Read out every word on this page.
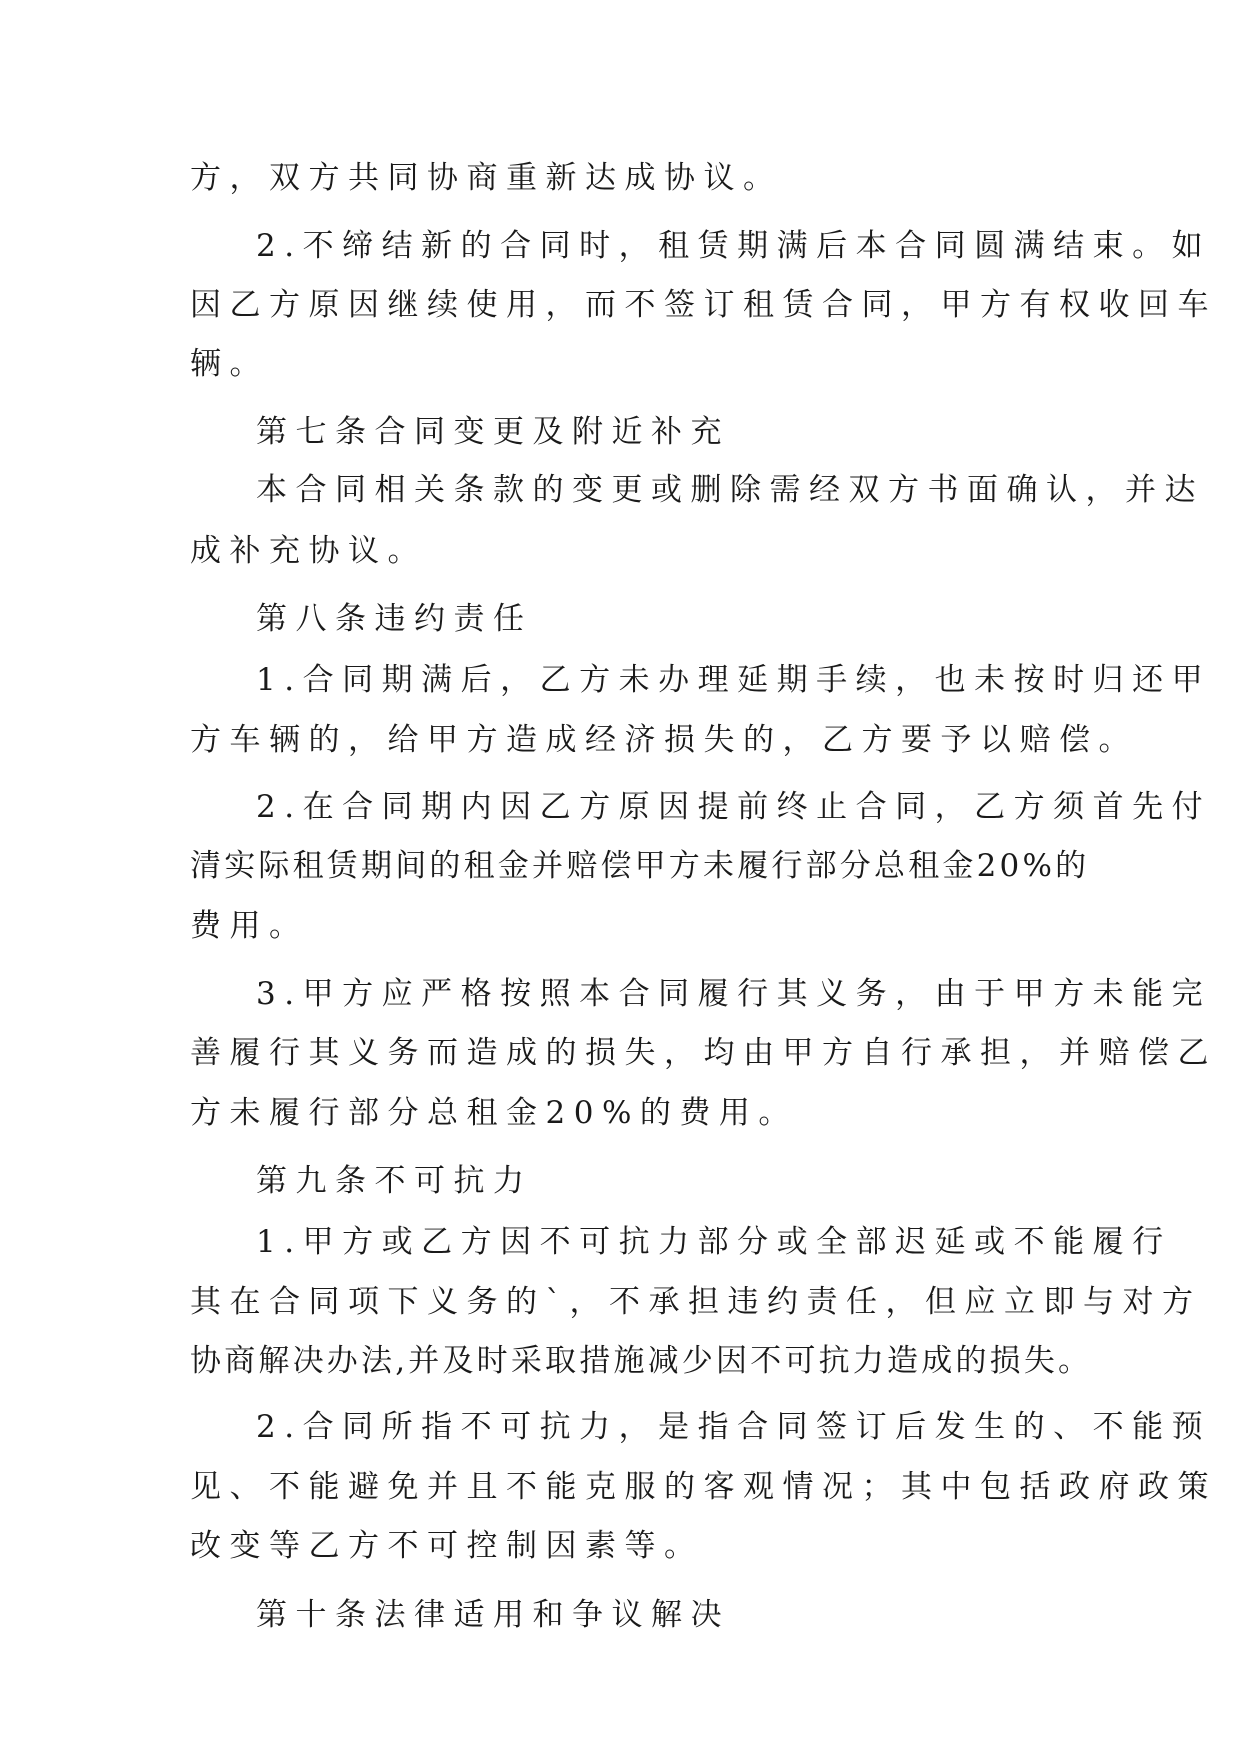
方，双方共同协商重新达成协议。
2.不缔结新的合同时，租赁期满后本合同圆满结束。如
因乙方原因继续使用，而不签订租赁合同，甲方有权收回车
辆。
第七条合同变更及附近补充
本合同相关条款的变更或删除需经双方书面确认，并达
成补充协议。
第八条违约责任
1.合同期满后，乙方未办理延期手续，也未按时归还甲
方车辆的，给甲方造成经济损失的，乙方要予以赔偿。
2.在合同期内因乙方原因提前终止合同，乙方须首先付
清实际租赁期间的租金并赔偿甲方未履行部分总租金20%的
费用。
3.甲方应严格按照本合同履行其义务，由于甲方未能完
善履行其义务而造成的损失，均由甲方自行承担，并赔偿乙
方未履行部分总租金20%的费用。
第九条不可抗力
1.甲方或乙方因不可抗力部分或全部迟延或不能履行
其在合同项下义务的`，不承担违约责任，但应立即与对方
协商解决办法,并及时采取措施减少因不可抗力造成的损失。
2.合同所指不可抗力，是指合同签订后发生的、不能预
见、不能避免并且不能克服的客观情况；其中包括政府政策
改变等乙方不可控制因素等。
第十条法律适用和争议解决
